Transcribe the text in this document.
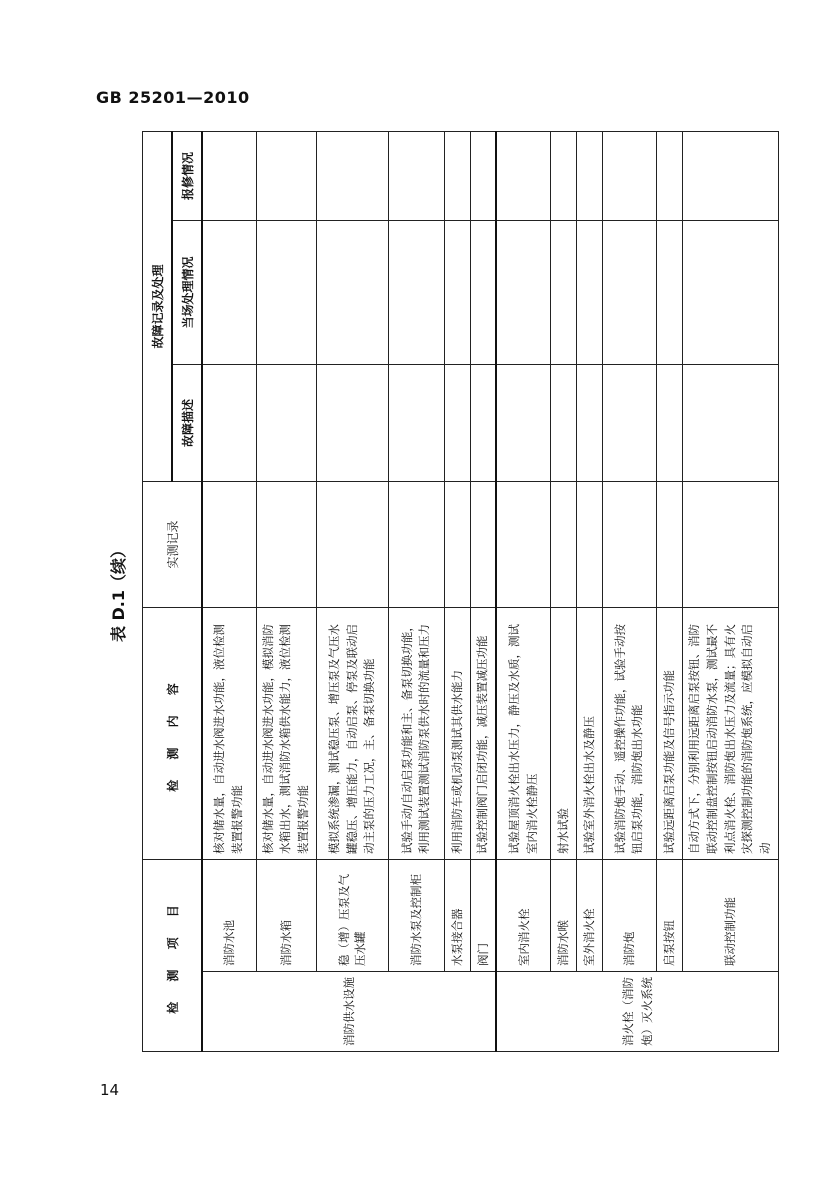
GB 25201—2010
表 D.1（续）
检 测 项 目		检 测 内 容	实测记录	故障记录及处理		
				故障描述	当场处理情况	报修情况
消防供水设施	消防水池	核对储水量，自动进水阀进水功能，液位检测装置报警功能				
	消防水箱	核对储水量，自动进水阀进水功能，模拟消防水箱出水，测试消防水箱供水能力，液位检测装置报警功能				
	稳（增）压泵及气压水罐	模拟系统渗漏，测试稳压泵、增压泵及气压水罐稳压、增压能力，自动启泵、停泵及联动启动主泵的压力工况，主、备泵切换功能				
	消防水泵及控制柜	试验手动/自动启泵功能和主、备泵切换功能，利用测试装置测试消防泵供水时的流量和压力				
	水泵接合器	利用消防车或机动泵测试其供水能力				
	阀门	试验控制阀门启闭功能，减压装置减压功能				
消火栓（消防炮）灭火系统	室内消火栓	试验屋顶消火栓出水压力，静压及水质，测试室内消火栓静压				
	消防水喉	射水试验				
	室外消火栓	试验室外消火栓出水及静压				
	消防炮	试验消防炮手动、遥控操作功能，试验手动按钮启泵功能，消防炮出水功能				
	启泵按钮	试验远距离启泵功能及信号指示功能				
	联动控制功能	自动方式下，分别利用远距离启泵按钮、消防联动控制盘控制按钮启动消防水泵，测试最不利点消火栓、消防炮出水压力及流量；具有火灾探测控制功能的消防炮系统，应模拟自动启动				
14
